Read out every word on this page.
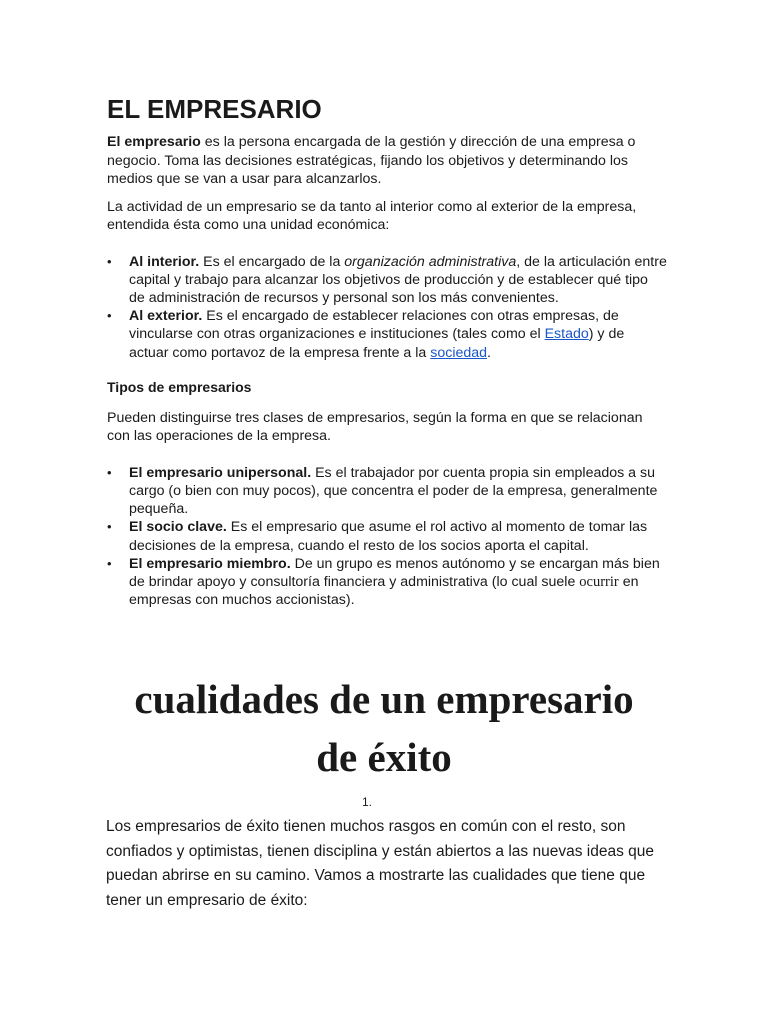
EL EMPRESARIO

El empresario es la persona encargada de la gestión y dirección de una empresa o negocio. Toma las decisiones estratégicas, fijando los objetivos y determinando los medios que se van a usar para alcanzarlos.

La actividad de un empresario se da tanto al interior como al exterior de la empresa, entendida ésta como una unidad económica:

• Al interior. Es el encargado de la organización administrativa, de la articulación entre capital y trabajo para alcanzar los objetivos de producción y de establecer qué tipo de administración de recursos y personal son los más convenientes.
• Al exterior. Es el encargado de establecer relaciones con otras empresas, de vincularse con otras organizaciones e instituciones (tales como el Estado) y de actuar como portavoz de la empresa frente a la sociedad.
Tipos de empresarios

Pueden distinguirse tres clases de empresarios, según la forma en que se relacionan con las operaciones de la empresa.

• El empresario unipersonal. Es el trabajador por cuenta propia sin empleados a su cargo (o bien con muy pocos), que concentra el poder de la empresa, generalmente pequeña.
• El socio clave. Es el empresario que asume el rol activo al momento de tomar las decisiones de la empresa, cuando el resto de los socios aporta el capital.
• El empresario miembro. De un grupo es menos autónomo y se encargan más bien de brindar apoyo y consultoría financiera y administrativa (lo cual suele ocurrir en empresas con muchos accionistas).
cualidades de un empresario
de éxito
1.
Los empresarios de éxito tienen muchos rasgos en común con el resto, son confiados y optimistas, tienen disciplina y están abiertos a las nuevas ideas que puedan abrirse en su camino. Vamos a mostrarte las cualidades que tiene que tener un empresario de éxito:
